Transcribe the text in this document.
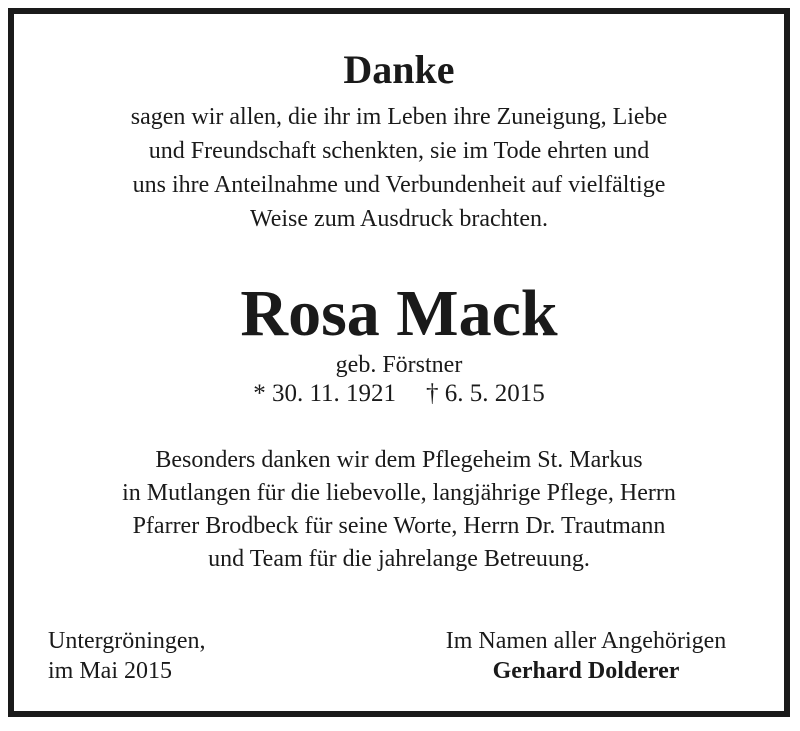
Danke
sagen wir allen, die ihr im Leben ihre Zuneigung, Liebe
und Freundschaft schenkten, sie im Tode ehrten und
uns ihre Anteilnahme und Verbundenheit auf vielfältige
Weise zum Ausdruck brachten.
Rosa Mack
geb. Förstner
* 30. 11. 1921 † 6. 5. 2015
Besonders danken wir dem Pflegeheim St. Markus
in Mutlangen für die liebevolle, langjährige Pflege, Herrn
Pfarrer Brodbeck für seine Worte, Herrn Dr. Trautmann
und Team für die jahrelange Betreuung.
Untergröningen,
im Mai 2015
Im Namen aller Angehörigen
Gerhard Dolderer
